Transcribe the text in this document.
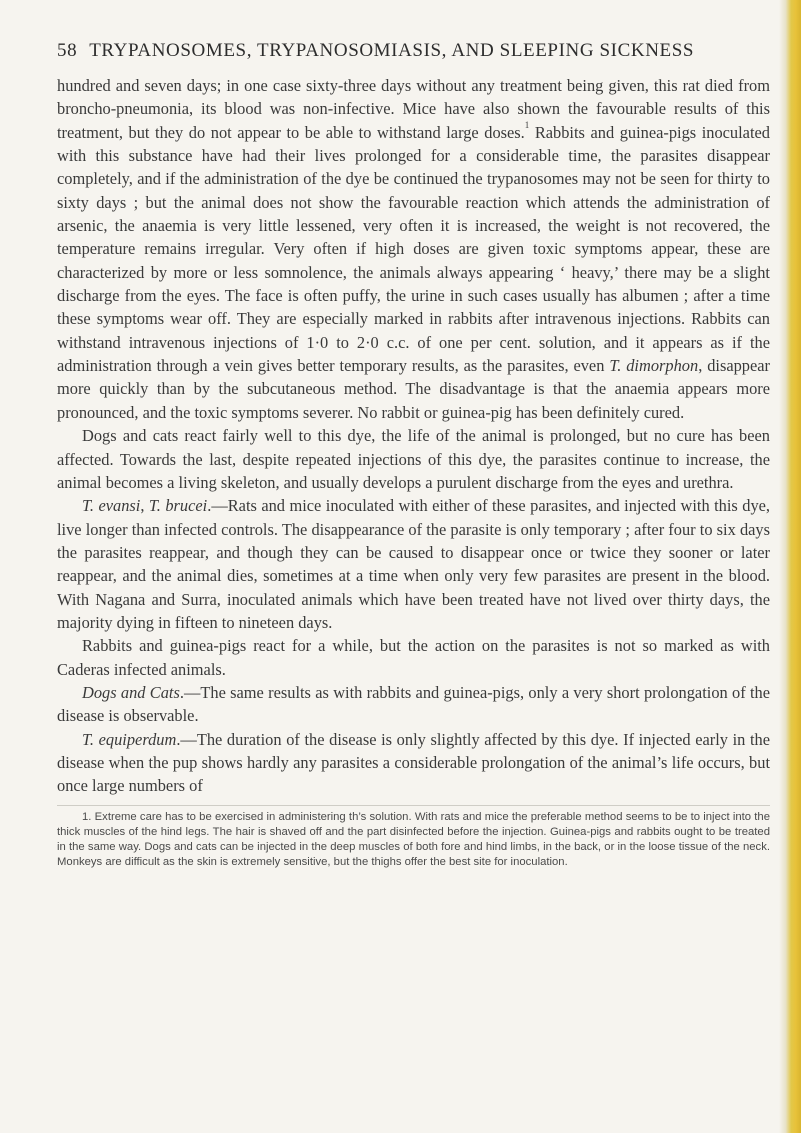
58 TRYPANOSOMES, TRYPANOSOMIASIS, AND SLEEPING SICKNESS

hundred and seven days; in one case sixty-three days without any treatment being given, this rat died from broncho-pneumonia, its blood was non-infective. Mice have also shown the favourable results of this treatment, but they do not appear to be able to withstand large doses.$^1$ Rabbits and guinea-pigs inoculated with this substance have had their lives prolonged for a considerable time, the parasites disappear completely, and if the administration of the dye be continued the trypanosomes may not be seen for thirty to sixty days ; but the animal does not show the favourable reaction which attends the administration of arsenic, the anaemia is very little lessened, very often it is increased, the weight is not recovered, the temperature remains irregular. Very often if high doses are given toxic symptoms appear, these are characterized by more or less somnolence, the animals always appearing ‘ heavy,’ there may be a slight discharge from the eyes. The face is often puffy, the urine in such cases usually has albumen ; after a time these symptoms wear off. They are especially marked in rabbits after intravenous injections. Rabbits can withstand intravenous injections of 1·0 to 2·0 c.c. of one per cent. solution, and it appears as if the administration through a vein gives better temporary results, as the parasites, even T. dimorphon, disappear more quickly than by the subcutaneous method. The disadvantage is that the anaemia appears more pronounced, and the toxic symptoms severer. No rabbit or guinea-pig has been definitely cured.

Dogs and cats react fairly well to this dye, the life of the animal is prolonged, but no cure has been affected. Towards the last, despite repeated injections of this dye, the parasites continue to increase, the animal becomes a living skeleton, and usually develops a purulent discharge from the eyes and urethra.

T. evansi, T. brucei.—Rats and mice inoculated with either of these parasites, and injected with this dye, live longer than infected controls. The disappearance of the parasite is only temporary ; after four to six days the parasites reappear, and though they can be caused to disappear once or twice they sooner or later reappear, and the animal dies, sometimes at a time when only very few parasites are present in the blood. With Nagana and Surra, inoculated animals which have been treated have not lived over thirty days, the majority dying in fifteen to nineteen days.

Rabbits and guinea-pigs react for a while, but the action on the parasites is not so marked as with Caderas infected animals.

Dogs and Cats.—The same results as with rabbits and guinea-pigs, only a very short prolongation of the disease is observable.

T. equiperdum.—The duration of the disease is only slightly affected by this dye. If injected early in the disease when the pup shows hardly any parasites a considerable prolongation of the animal’s life occurs, but once large numbers of

1. Extreme care has to be exercised in administering th’s solution. With rats and mice the preferable method seems to be to inject into the thick muscles of the hind legs. The hair is shaved off and the part disinfected before the injection. Guinea-pigs and rabbits ought to be treated in the same way. Dogs and cats can be injected in the deep muscles of both fore and hind limbs, in the back, or in the loose tissue of the neck. Monkeys are difficult as the skin is extremely sensitive, but the thighs offer the best site for inoculation.
